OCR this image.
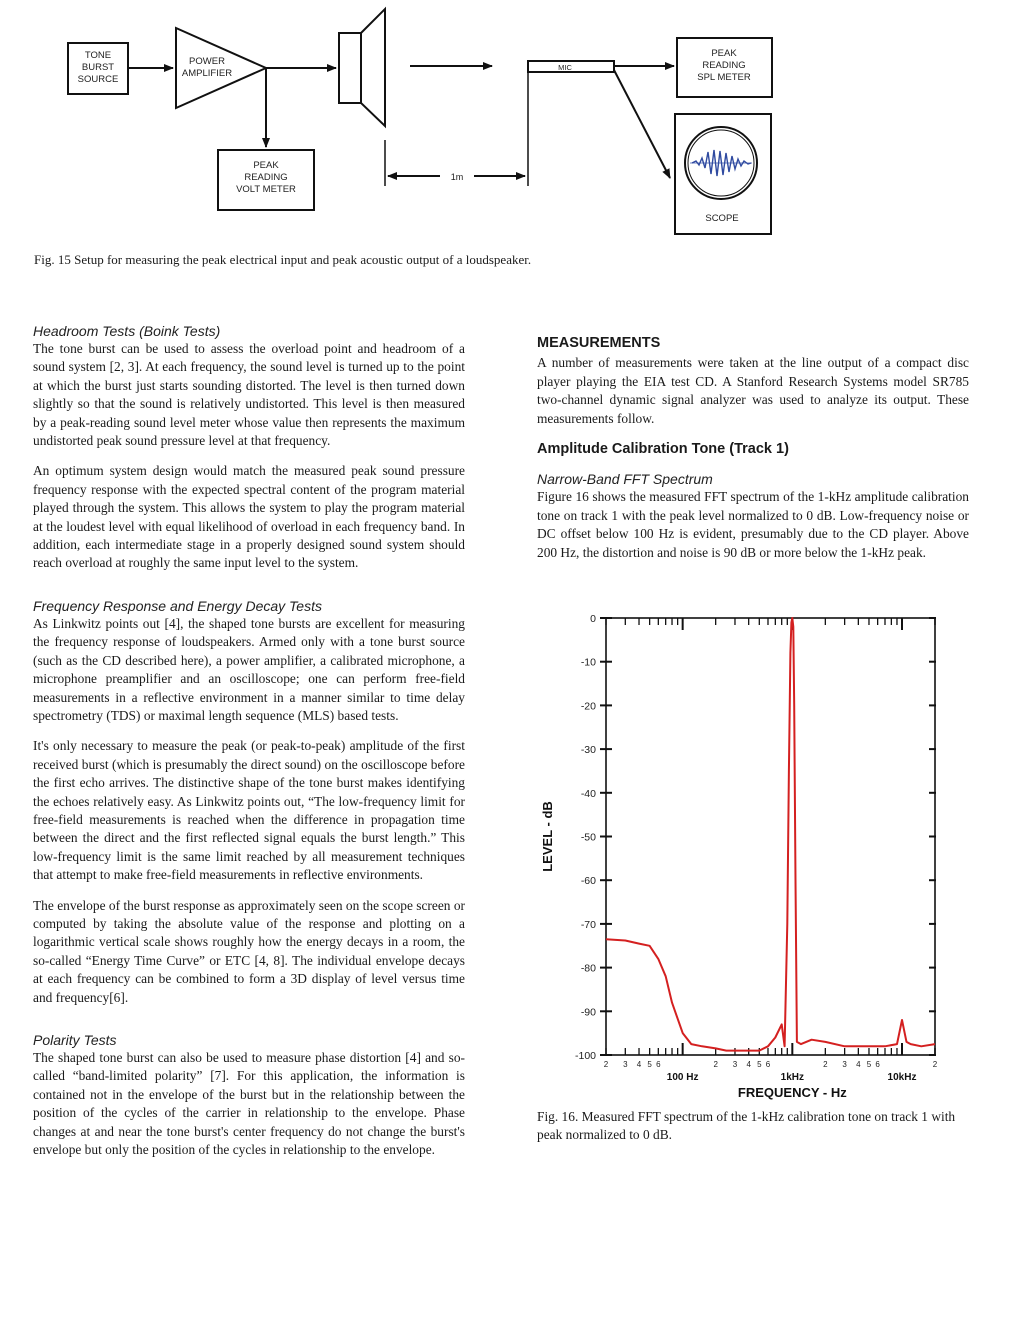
TONE
BURST
SOURCE
POWER
AMPLIFIER
MIC
PEAK
READING
SPL METER
PEAK
READING
VOLT METER
1m
SCOPE
Fig. 15 Setup for measuring the peak electrical input and peak acoustic output of a loudspeaker.
Headroom Tests (Boink Tests)

The tone burst can be used to assess the overload point and headroom of a sound system [2, 3]. At each frequency, the sound level is turned up to the point at which the burst just starts sounding distorted. The level is then turned down slightly so that the sound is relatively undistorted. This level is then measured by a peak-reading sound level meter whose value then represents the maximum undistorted peak sound pressure level at that frequency.

An optimum system design would match the measured peak sound pressure frequency response with the expected spectral content of the program material played through the system. This allows the system to play the program material at the loudest level with equal likelihood of overload in each frequency band. In addition, each intermediate stage in a properly designed sound system should reach overload at roughly the same input level to the system.

Frequency Response and Energy Decay Tests

As Linkwitz points out [4], the shaped tone bursts are excellent for measuring the frequency response of loudspeakers. Armed only with a tone burst source (such as the CD described here), a power amplifier, a calibrated microphone, a microphone preamplifier and an oscilloscope; one can perform free-field measurements in a reflective environment in a manner similar to time delay spectrometry (TDS) or maximal length sequence (MLS) based tests.

It's only necessary to measure the peak (or peak-to-peak) amplitude of the first received burst (which is presumably the direct sound) on the oscilloscope before the first echo arrives. The distinctive shape of the tone burst makes identifying the echoes relatively easy. As Linkwitz points out, “The low-frequency limit for free-field measurements is reached when the difference in propagation time between the direct and the first reflected signal equals the burst length.” This low-frequency limit is the same limit reached by all measurement techniques that attempt to make free-field measurements in reflective environments.

The envelope of the burst response as approximately seen on the scope screen or computed by taking the absolute value of the response and plotting on a logarithmic vertical scale shows roughly how the energy decays in a room, the so-called “Energy Time Curve” or ETC [4, 8]. The individual envelope decays at each frequency can be combined to form a 3D display of level versus time and frequency[6].

Polarity Tests

The shaped tone burst can also be used to measure phase distortion [4] and so-called “band-limited polarity” [7]. For this application, the information is contained not in the envelope of the burst but in the relationship between the position of the cycles of the carrier in relationship to the envelope. Phase changes at and near the tone burst's center frequency do not change the burst's envelope but only the position of the cycles in relationship to the envelope.

MEASUREMENTS

A number of measurements were taken at the line output of a compact disc player playing the EIA test CD. A Stanford Research Systems model SR785 two-channel dynamic signal analyzer was used to analyze its output. These measurements follow.

Amplitude Calibration Tone (Track 1)
Narrow-Band FFT Spectrum

Figure 16 shows the measured FFT spectrum of the 1-kHz amplitude calibration tone on track 1 with the peak level normalized to 0 dB. Low-frequency noise or DC offset below 100 Hz is evident, presumably due to the CD player. Above 200 Hz, the distortion and noise is 90 dB or more below the 1-kHz peak.

0
-10
-20
-30
-40
-50
-60
-70
-80
-90
-100
2 3 4 5 6	2 3 4 5 6	2 3 4 5 6	2
100 Hz	1kHz	10kHz
LEVEL - dB
FREQUENCY - Hz
Fig. 16. Measured FFT spectrum of the 1-kHz calibration tone on track 1 with peak normalized to 0 dB.
